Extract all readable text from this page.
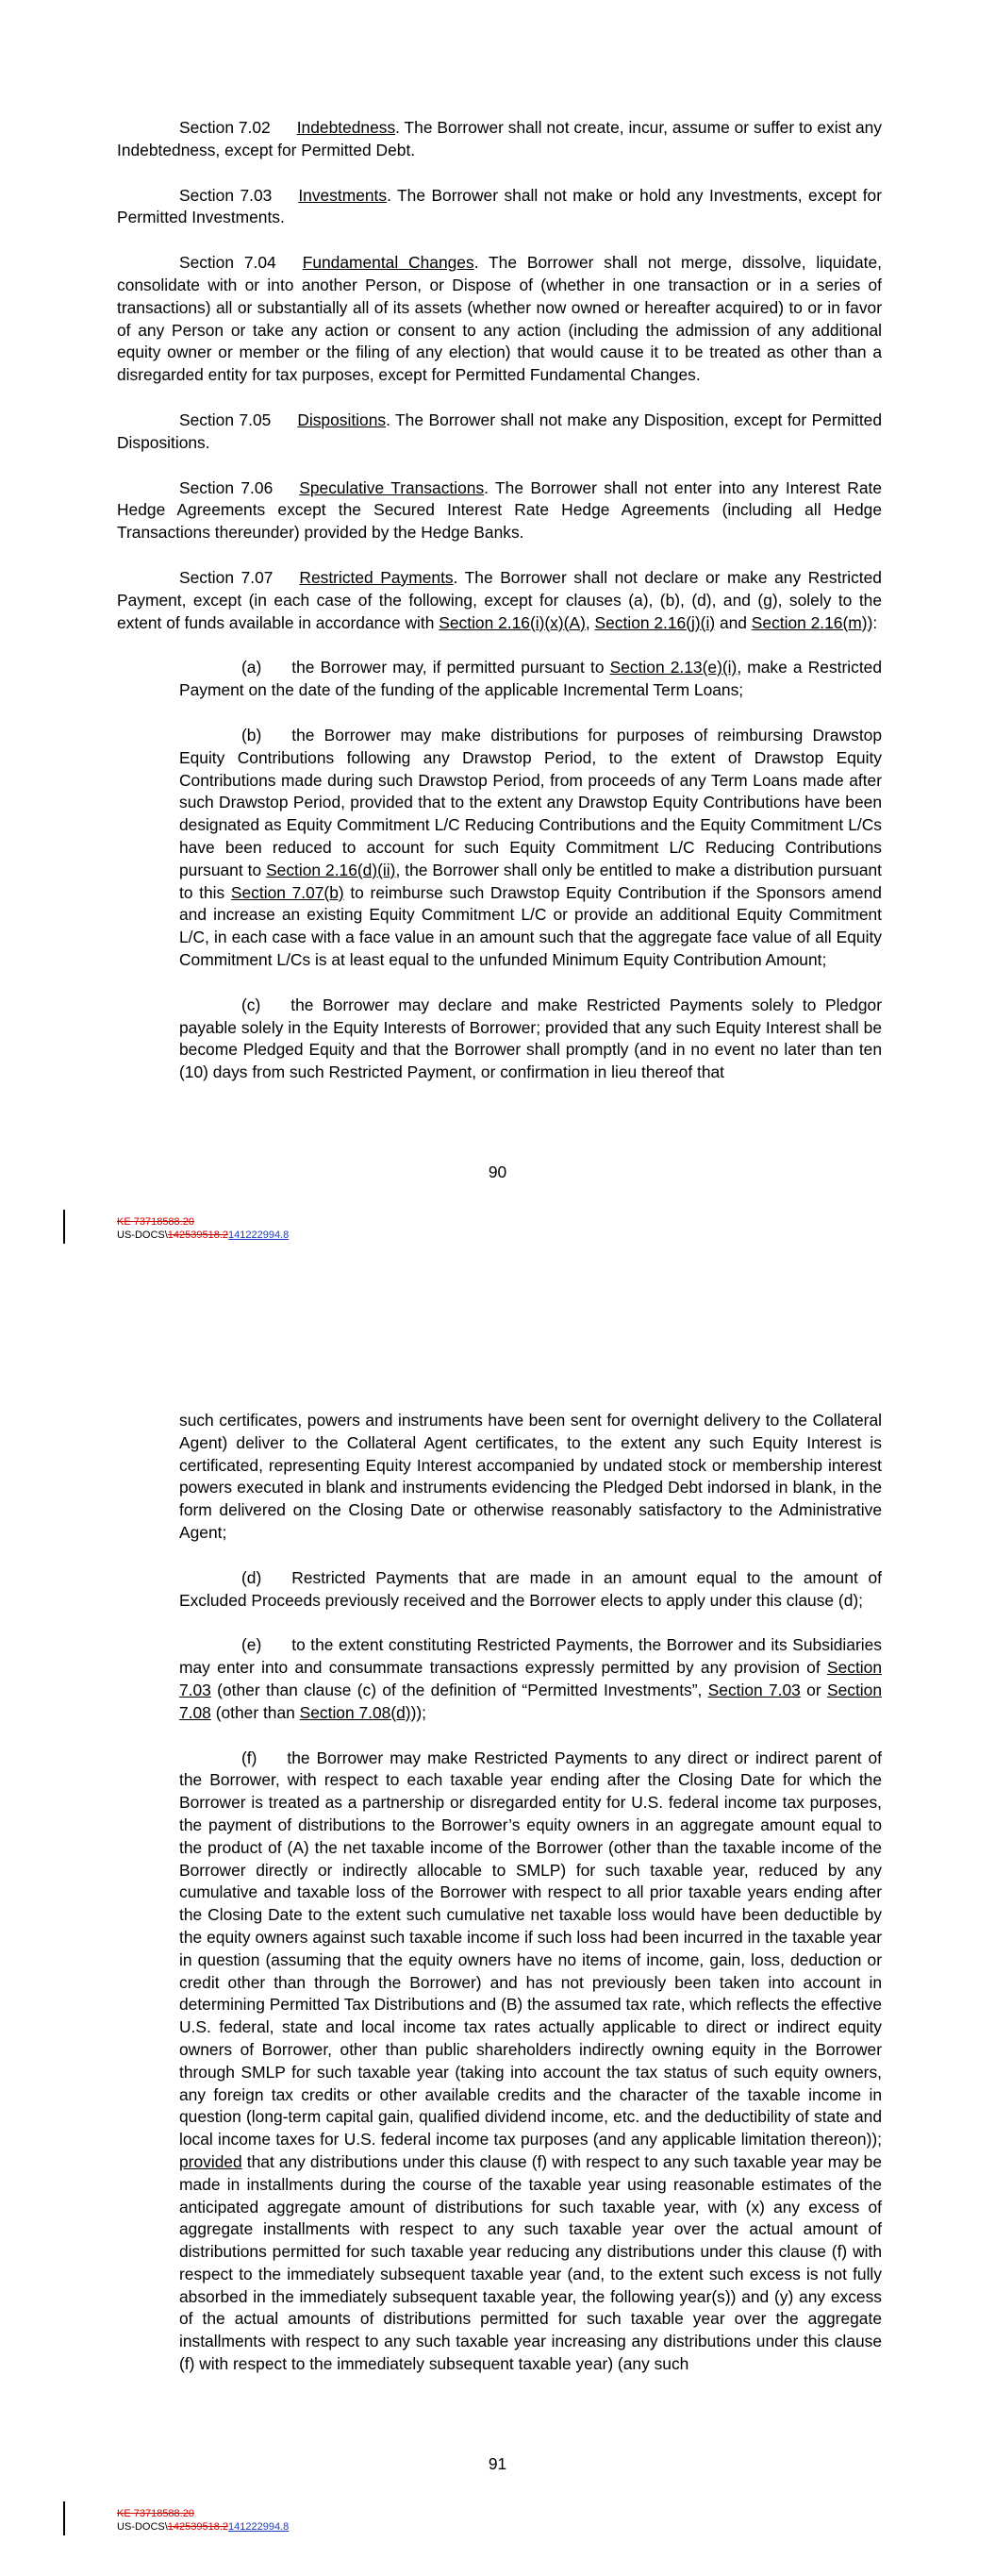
Section 7.02 Indebtedness. The Borrower shall not create, incur, assume or suffer to exist any Indebtedness, except for Permitted Debt.

Section 7.03 Investments. The Borrower shall not make or hold any Investments, except for Permitted Investments.

Section 7.04 Fundamental Changes. The Borrower shall not merge, dissolve, liquidate, consolidate with or into another Person, or Dispose of (whether in one transaction or in a series of transactions) all or substantially all of its assets (whether now owned or hereafter acquired) to or in favor of any Person or take any action or consent to any action (including the admission of any additional equity owner or member or the filing of any election) that would cause it to be treated as other than a disregarded entity for tax purposes, except for Permitted Fundamental Changes.

Section 7.05 Dispositions. The Borrower shall not make any Disposition, except for Permitted Dispositions.

Section 7.06 Speculative Transactions. The Borrower shall not enter into any Interest Rate Hedge Agreements except the Secured Interest Rate Hedge Agreements (including all Hedge Transactions thereunder) provided by the Hedge Banks.

Section 7.07 Restricted Payments. The Borrower shall not declare or make any Restricted Payment, except (in each case of the following, except for clauses (a), (b), (d), and (g), solely to the extent of funds available in accordance with Section 2.16(i)(x)(A), Section 2.16(j)(i) and Section 2.16(m)):

(a) the Borrower may, if permitted pursuant to Section 2.13(e)(i), make a Restricted Payment on the date of the funding of the applicable Incremental Term Loans;

(b) the Borrower may make distributions for purposes of reimbursing Drawstop Equity Contributions following any Drawstop Period, to the extent of Drawstop Equity Contributions made during such Drawstop Period, from proceeds of any Term Loans made after such Drawstop Period, provided that to the extent any Drawstop Equity Contributions have been designated as Equity Commitment L/C Reducing Contributions and the Equity Commitment L/Cs have been reduced to account for such Equity Commitment L/C Reducing Contributions pursuant to Section 2.16(d)(ii), the Borrower shall only be entitled to make a distribution pursuant to this Section 7.07(b) to reimburse such Drawstop Equity Contribution if the Sponsors amend and increase an existing Equity Commitment L/C or provide an additional Equity Commitment L/C, in each case with a face value in an amount such that the aggregate face value of all Equity Commitment L/Cs is at least equal to the unfunded Minimum Equity Contribution Amount;

(c) the Borrower may declare and make Restricted Payments solely to Pledgor payable solely in the Equity Interests of Borrower; provided that any such Equity Interest shall be become Pledged Equity and that the Borrower shall promptly (and in no event no later than ten (10) days from such Restricted Payment, or confirmation in lieu thereof that

90
KE 73718588.20
US-DOCS\142539518.2141222994.8

such certificates, powers and instruments have been sent for overnight delivery to the Collateral Agent) deliver to the Collateral Agent certificates, to the extent any such Equity Interest is certificated, representing Equity Interest accompanied by undated stock or membership interest powers executed in blank and instruments evidencing the Pledged Debt indorsed in blank, in the form delivered on the Closing Date or otherwise reasonably satisfactory to the Administrative Agent;

(d) Restricted Payments that are made in an amount equal to the amount of Excluded Proceeds previously received and the Borrower elects to apply under this clause (d);

(e) to the extent constituting Restricted Payments, the Borrower and its Subsidiaries may enter into and consummate transactions expressly permitted by any provision of Section 7.03 (other than clause (c) of the definition of “Permitted Investments”, Section 7.03 or Section 7.08 (other than Section 7.08(d)));

(f) the Borrower may make Restricted Payments to any direct or indirect parent of the Borrower, with respect to each taxable year ending after the Closing Date for which the Borrower is treated as a partnership or disregarded entity for U.S. federal income tax purposes, the payment of distributions to the Borrower’s equity owners in an aggregate amount equal to the product of (A) the net taxable income of the Borrower (other than the taxable income of the Borrower directly or indirectly allocable to SMLP) for such taxable year, reduced by any cumulative and taxable loss of the Borrower with respect to all prior taxable years ending after the Closing Date to the extent such cumulative net taxable loss would have been deductible by the equity owners against such taxable income if such loss had been incurred in the taxable year in question (assuming that the equity owners have no items of income, gain, loss, deduction or credit other than through the Borrower) and has not previously been taken into account in determining Permitted Tax Distributions and (B) the assumed tax rate, which reflects the effective U.S. federal, state and local income tax rates actually applicable to direct or indirect equity owners of Borrower, other than public shareholders indirectly owning equity in the Borrower through SMLP for such taxable year (taking into account the tax status of such equity owners, any foreign tax credits or other available credits and the character of the taxable income in question (long-term capital gain, qualified dividend income, etc. and the deductibility of state and local income taxes for U.S. federal income tax purposes (and any applicable limitation thereon)); provided that any distributions under this clause (f) with respect to any such taxable year may be made in installments during the course of the taxable year using reasonable estimates of the anticipated aggregate amount of distributions for such taxable year, with (x) any excess of aggregate installments with respect to any such taxable year over the actual amount of distributions permitted for such taxable year reducing any distributions under this clause (f) with respect to the immediately subsequent taxable year (and, to the extent such excess is not fully absorbed in the immediately subsequent taxable year, the following year(s)) and (y) any excess of the actual amounts of distributions permitted for such taxable year over the aggregate installments with respect to any such taxable year increasing any distributions under this clause (f) with respect to the immediately subsequent taxable year) (any such

91
KE 73718588.20
US-DOCS\142539518.2141222994.8
